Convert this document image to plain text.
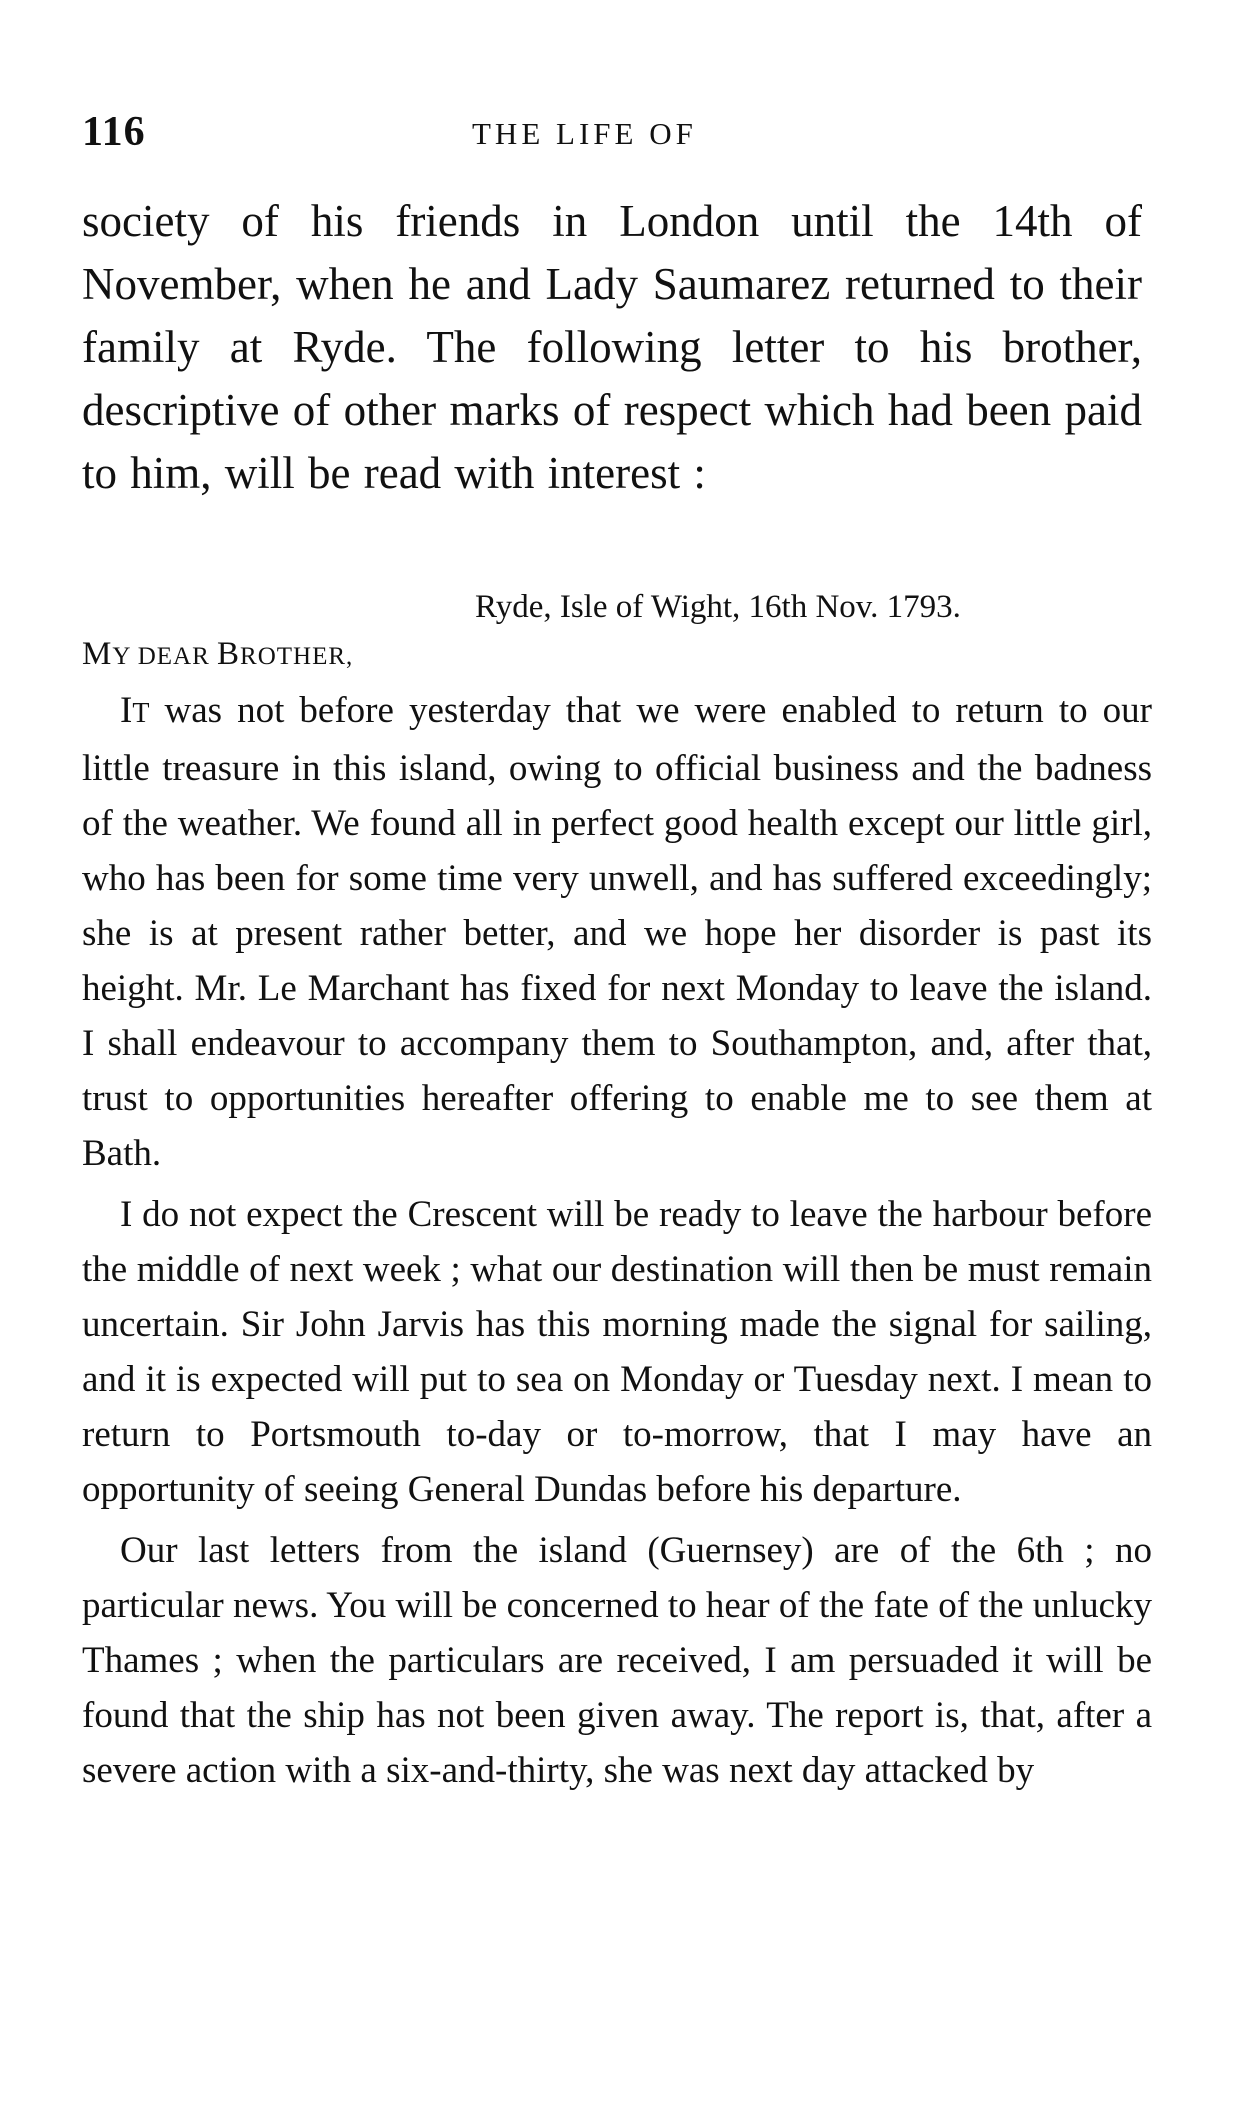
116	THE LIFE OF
society of his friends in London until the 14th of November, when he and Lady Saumarez returned to their family at Ryde. The following letter to his brother, descriptive of other marks of respect which had been paid to him, will be read with interest :
Ryde, Isle of Wight, 16th Nov. 1793.
MY DEAR BROTHER,

IT was not before yesterday that we were enabled to return to our little treasure in this island, owing to official business and the badness of the weather. We found all in perfect good health except our little girl, who has been for some time very unwell, and has suffered exceedingly; she is at present rather better, and we hope her disorder is past its height. Mr. Le Marchant has fixed for next Monday to leave the island. I shall endeavour to accompany them to Southampton, and, after that, trust to opportunities hereafter offering to enable me to see them at Bath.

I do not expect the Crescent will be ready to leave the harbour before the middle of next week ; what our destination will then be must remain uncertain. Sir John Jarvis has this morning made the signal for sailing, and it is expected will put to sea on Monday or Tuesday next. I mean to return to Portsmouth to-day or to-morrow, that I may have an opportunity of seeing General Dundas before his departure.

Our last letters from the island (Guernsey) are of the 6th ; no particular news. You will be concerned to hear of the fate of the unlucky Thames ; when the particulars are received, I am persuaded it will be found that the ship has not been given away. The report is, that, after a severe action with a six-and-thirty, she was next day attacked by
